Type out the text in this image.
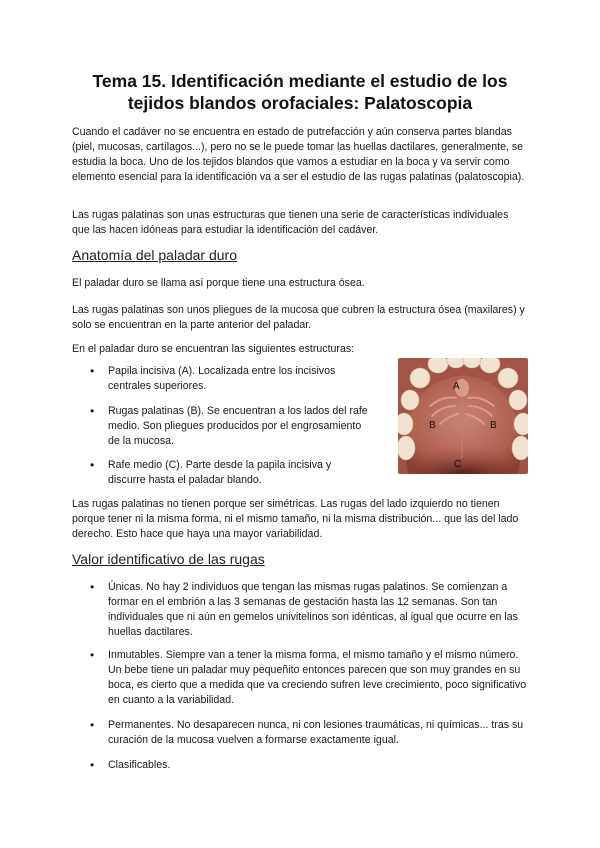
Tema 15. Identificación mediante el estudio de los tejidos blandos orofaciales: Palatoscopia

Cuando el cadáver no se encuentra en estado de putrefacción y aún conserva partes blandas (piel, mucosas, cartílagos...), pero no se le puede tomar las huellas dactilares, generalmente, se estudia la boca. Uno de los tejidos blandos que vamos a estudiar en la boca y va servir como elemento esencial para la identificación va a ser el estudio de las rugas palatinas (palatoscopia).

Las rugas palatinas son unas estructuras que tienen una serie de características individuales que las hacen idóneas para estudiar la identificación del cadáver.

Anatomía del paladar duro

El paladar duro se llama así porque tiene una estructura ósea.

Las rugas palatinas son unos pliegues de la mucosa que cubren la estructura ósea (maxilares) y solo se encuentran en la parte anterior del paladar.

En el paladar duro se encuentran las siguientes estructuras:

• Papila incisiva (A). Localizada entre los incisivos centrales superiores.
• Rugas palatinas (B). Se encuentran a los lados del rafe medio. Son pliegues producidos por el engrosamiento de la mucosa.
• Rafe medio (C). Parte desde la papila incisiva y discurre hasta el paladar blando.
A
B	B
C

Las rugas palatinas no tienen porque ser simétricas. Las rugas del lado izquierdo no tienen porque tener ni la misma forma, ni el mismo tamaño, ni la misma distribución... que las del lado derecho. Esto hace que haya una mayor variabilidad.

Valor identificativo de las rugas
• Únicas. No hay 2 individuos que tengan las mismas rugas palatinos. Se comienzan a formar en el embrión a las 3 semanas de gestación hasta las 12 semanas. Son tan individuales que ni aún en gemelos univitelinos son idénticas, al igual que ocurre en las huellas dactilares.
• Inmutables. Siempre van a tener la misma forma, el mismo tamaño y el mismo número. Un bebe tiene un paladar muy pequeñito entonces parecen que son muy grandes en su boca, es cierto que a medida que va creciendo sufren leve crecimiento, poco significativo en cuanto a la variabilidad.
• Permanentes. No desaparecen nunca, ni con lesiones traumáticas, ni químicas... tras su curación de la mucosa vuelven a formarse exactamente igual.
• Clasificables.
